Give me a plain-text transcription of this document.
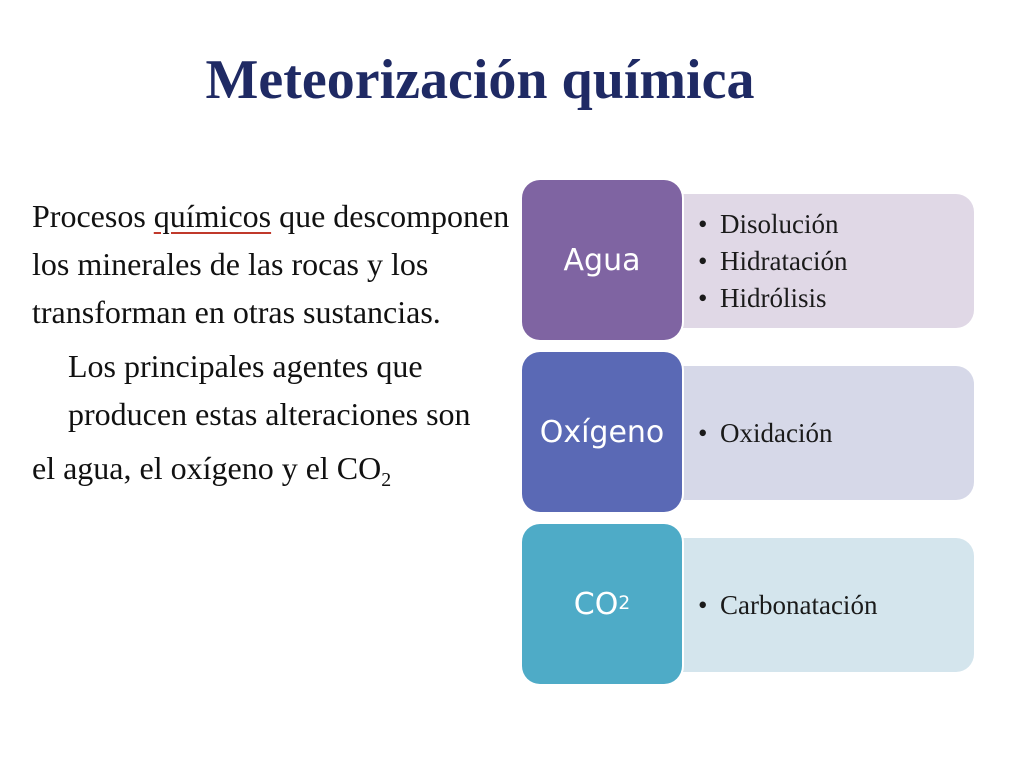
Meteorización química

Procesos químicos que descomponen los minerales de las rocas y los transforman en otras sustancias.

Los principales agentes que producen estas alteraciones son

el agua, el oxígeno y el $CO_2$

• Disolución
• Hidratación
• Hidrólisis
Agua
• Oxidación
Oxígeno
• Carbonatación
CO 2
